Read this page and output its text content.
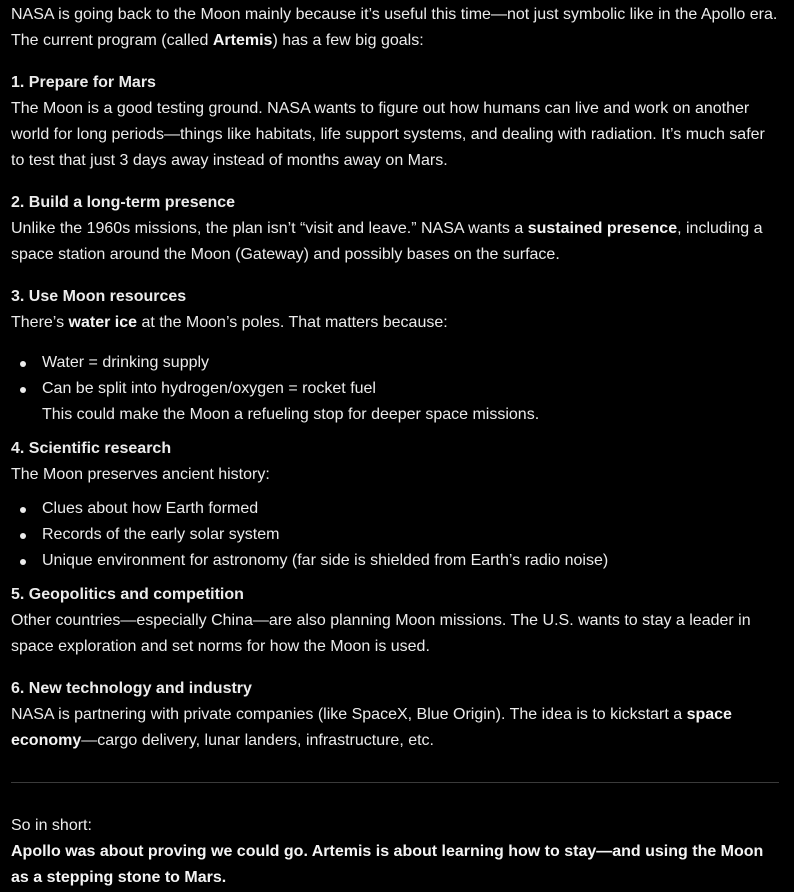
NASA is going back to the Moon mainly because it’s useful this time—not just symbolic like in the Apollo era. The current program (called Artemis) has a few big goals:

1. Prepare for Mars

The Moon is a good testing ground. NASA wants to figure out how humans can live and work on another world for long periods—things like habitats, life support systems, and dealing with radiation. It’s much safer to test that just 3 days away instead of months away on Mars.

2. Build a long-term presence

Unlike the 1960s missions, the plan isn’t “visit and leave.” NASA wants a sustained presence, including a space station around the Moon (Gateway) and possibly bases on the surface.

3. Use Moon resources

There’s water ice at the Moon’s poles. That matters because:

Water = drinking supply
Can be split into hydrogen/oxygen = rocket fuel

This could make the Moon a refueling stop for deeper space missions.

4. Scientific research

The Moon preserves ancient history:

Clues about how Earth formed
Records of the early solar system
Unique environment for astronomy (far side is shielded from Earth’s radio noise)

5. Geopolitics and competition

Other countries—especially China—are also planning Moon missions. The U.S. wants to stay a leader in space exploration and set norms for how the Moon is used.

6. New technology and industry

NASA is partnering with private companies (like SpaceX, Blue Origin). The idea is to kickstart a space economy—cargo delivery, lunar landers, infrastructure, etc.

So in short:

Apollo was about proving we could go. Artemis is about learning how to stay—and using the Moon as a stepping stone to Mars.
